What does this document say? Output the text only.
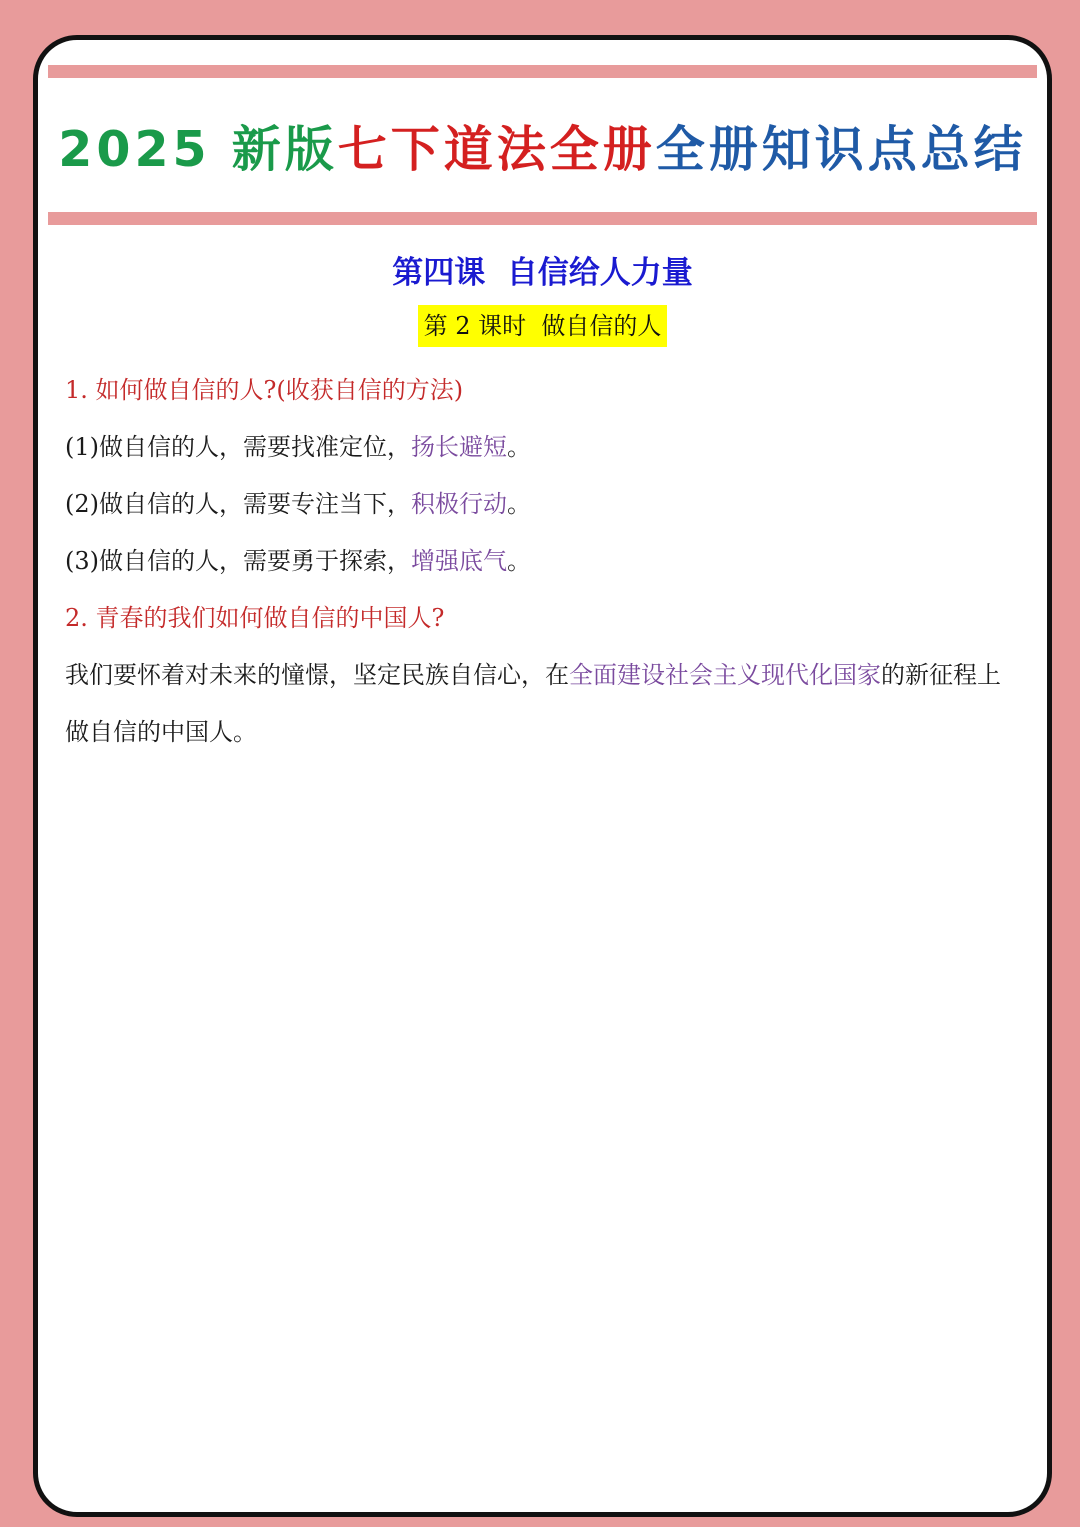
2025 新版七下道法全册全册知识点总结
第四课  自信给人力量
第 2 课时  做自信的人
1. 如何做自信的人?(收获自信的方法)
(1)做自信的人，需要找准定位，扬长避短。
(2)做自信的人，需要专注当下，积极行动。
(3)做自信的人，需要勇于探索，增强底气。
2. 青春的我们如何做自信的中国人?
我们要怀着对未来的憧憬，坚定民族自信心，在全面建设社会主义现代化国家的新征程上做自信的中国人。
